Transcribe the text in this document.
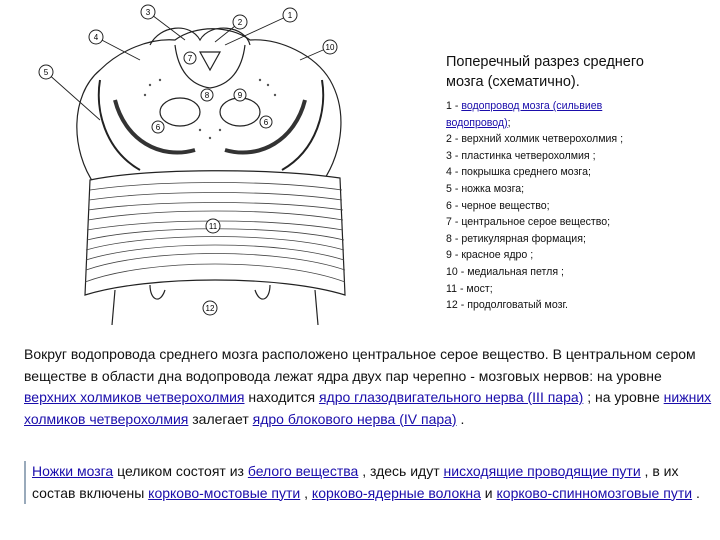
1
2
3
4
5
6
6
7
8	9
10
11
12
Поперечный разрез среднего
мозга (схематично).
1 - водопровод мозга (сильвиев
водопровод);
2 - верхний холмик четверохолмия ;
3 - пластинка четверохолмия ;
4 - покрышка среднего мозга;
5 - ножка мозга;
6 - черное вещество;
7 - центральное серое вещество;
8 - ретикулярная формация;
9 - красное ядро ;
10 - медиальная петля ;
11 - мост;
12 - продолговатый мозг.

Вокруг водопровода среднего мозга расположено центральное серое вещество. В центральном сером веществе в области дна водопровода лежат ядра двух пар черепно - мозговых нервов: на уровне верхних холмиков четверохолмия находится ядро глазодвигательного нерва (III пара) ; на уровне нижних холмиков четверохолмия залегает ядро блокового нерва (IV пара) .

Ножки мозга целиком состоят из белого вещества , здесь идут нисходящие проводящие пути , в их состав включены корково-мостовые пути , корково-ядерные волокна и корково-спинномозговые пути .
